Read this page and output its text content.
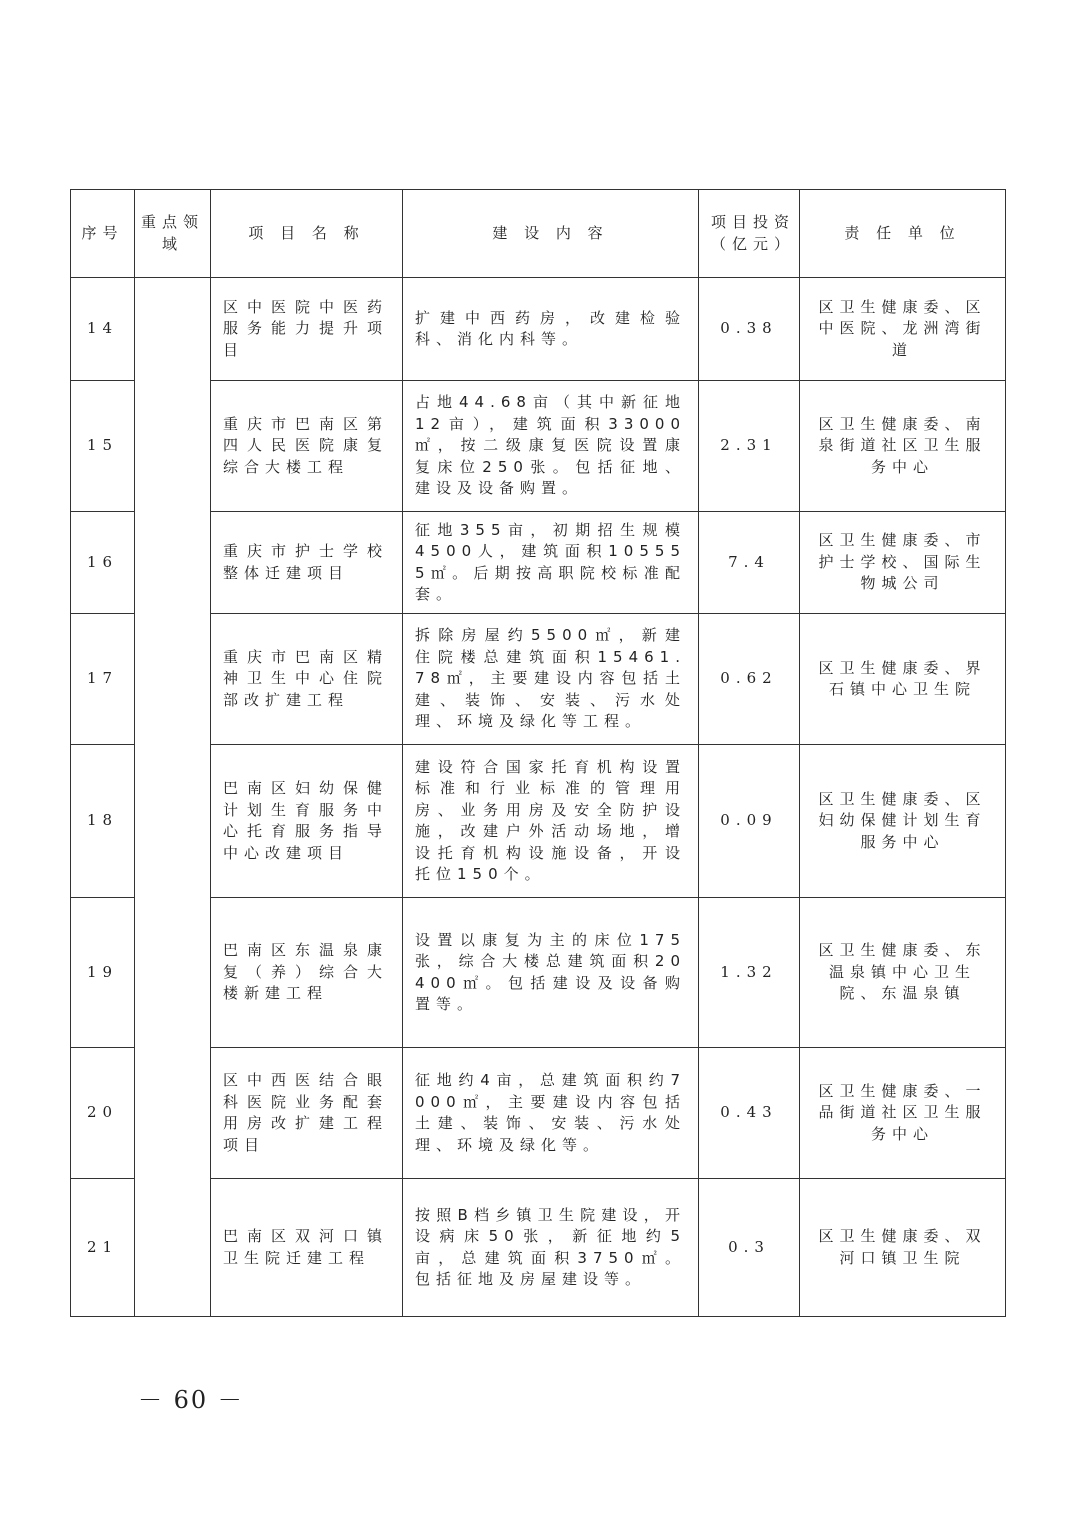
序号	重点领域	项 目 名 称	建 设 内 容	项目投资（亿元）	责 任 单 位
14		区中医院中医药服务能力提升项目	扩建中西药房，改建检验科、消化内科等。	0.38	区卫生健康委、区中医院、龙洲湾街道
15		重庆市巴南区第四人民医院康复综合大楼工程	占地44.68亩（其中新征地12亩），建筑面积33000㎡，按二级康复医院设置康复床位250张。包括征地、建设及设备购置。	2.31	区卫生健康委、南泉街道社区卫生服务中心
16		重庆市护士学校整体迁建项目	征地355亩，初期招生规模4500人，建筑面积105555㎡。后期按高职院校标准配套。	7.4	区卫生健康委、市护士学校、国际生物城公司
17		重庆市巴南区精神卫生中心住院部改扩建工程	拆除房屋约5500㎡，新建住院楼总建筑面积15461.78㎡，主要建设内容包括土建、装饰、安装、污水处理、环境及绿化等工程。	0.62	区卫生健康委、界石镇中心卫生院
18		巴南区妇幼保健计划生育服务中心托育服务指导中心改建项目	建设符合国家托育机构设置标准和行业标准的管理用房、业务用房及安全防护设施，改建户外活动场地，增设托育机构设施设备，开设托位150个。	0.09	区卫生健康委、区妇幼保健计划生育服务中心
19		巴南区东温泉康复（养）综合大楼新建工程	设置以康复为主的床位175张，综合大楼总建筑面积20400㎡。包括建设及设备购置等。	1.32	区卫生健康委、东温泉镇中心卫生院、东温泉镇
20		区中西医结合眼科医院业务配套用房改扩建工程项目	征地约4亩，总建筑面积约7000㎡，主要建设内容包括土建、装饰、安装、污水处理、环境及绿化等。	0.43	区卫生健康委、一品街道社区卫生服务中心
21		巴南区双河口镇卫生院迁建工程	按照B档乡镇卫生院建设，开设病床50张，新征地约5亩，总建筑面积3750㎡。包括征地及房屋建设等。	0.3	区卫生健康委、双河口镇卫生院
－ 60 －
